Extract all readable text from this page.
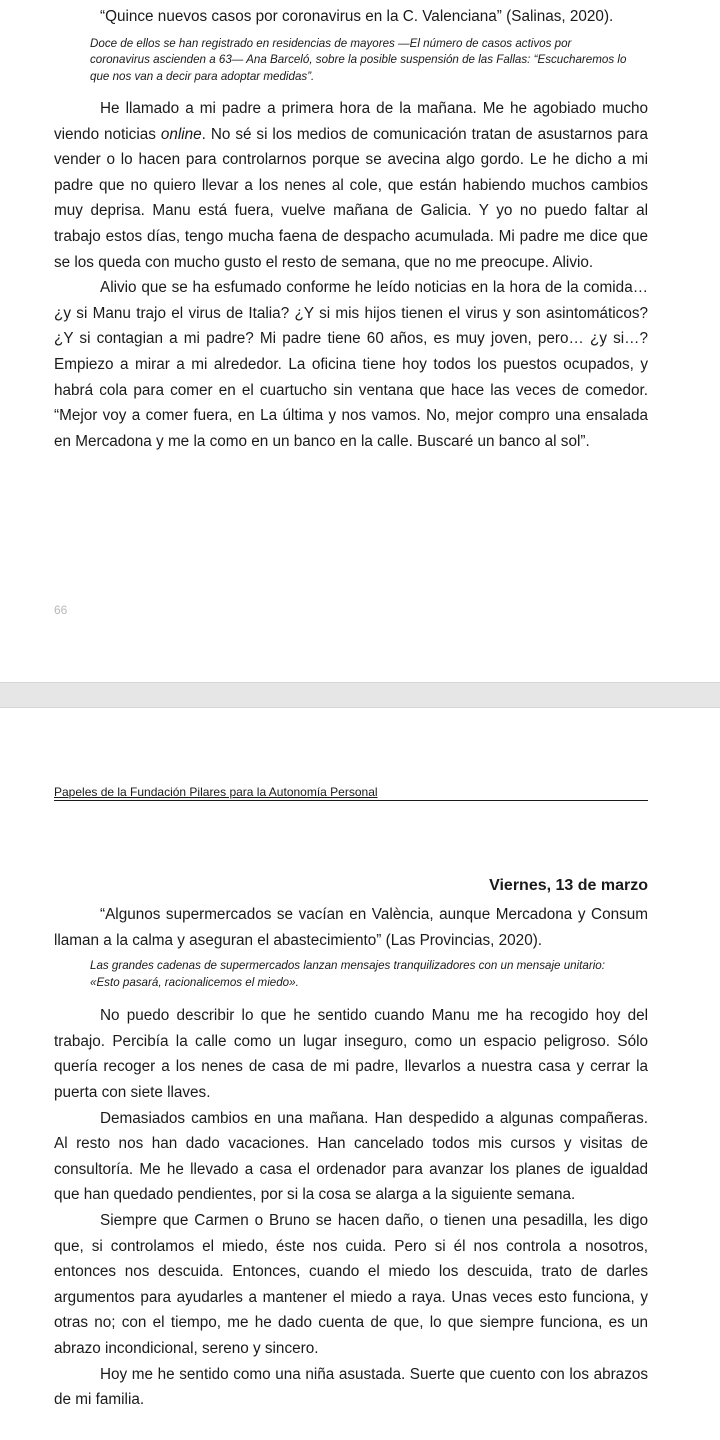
“Quince nuevos casos por coronavirus en la C. Valenciana” (Salinas, 2020).

Doce de ellos se han registrado en residencias de mayores —El número de casos activos por coronavirus ascienden a 63— Ana Barceló, sobre la posible suspensión de las Fallas: “Escucharemos lo que nos van a decir para adoptar medidas”.

He llamado a mi padre a primera hora de la mañana. Me he agobiado mucho viendo noticias online. No sé si los medios de comunicación tratan de asustarnos para vender o lo hacen para controlarnos porque se avecina algo gordo. Le he dicho a mi padre que no quiero llevar a los nenes al cole, que están habiendo muchos cambios muy deprisa. Manu está fuera, vuelve mañana de Galicia. Y yo no puedo faltar al trabajo estos días, tengo mucha faena de despacho acumulada. Mi padre me dice que se los queda con mucho gusto el resto de semana, que no me preocupe. Alivio.

Alivio que se ha esfumado conforme he leído noticias en la hora de la comida… ¿y si Manu trajo el virus de Italia? ¿Y si mis hijos tienen el virus y son asintomáticos? ¿Y si contagian a mi padre? Mi padre tiene 60 años, es muy joven, pero… ¿y si…? Empiezo a mirar a mi alrededor. La oficina tiene hoy todos los puestos ocupados, y habrá cola para comer en el cuartucho sin ventana que hace las veces de comedor. “Mejor voy a comer fuera, en La última y nos vamos. No, mejor compro una ensalada en Mercadona y me la como en un banco en la calle. Buscaré un banco al sol”.

66
Papeles de la Fundación Pilares para la Autonomía Personal

Viernes, 13 de marzo

“Algunos supermercados se vacían en València, aunque Mercadona y Consum llaman a la calma y aseguran el abastecimiento” (Las Provincias, 2020).

Las grandes cadenas de supermercados lanzan mensajes tranquilizadores con un mensaje unitario: «Esto pasará, racionalicemos el miedo».

No puedo describir lo que he sentido cuando Manu me ha recogido hoy del trabajo. Percibía la calle como un lugar inseguro, como un espacio peligroso. Sólo quería recoger a los nenes de casa de mi padre, llevarlos a nuestra casa y cerrar la puerta con siete llaves.

Demasiados cambios en una mañana. Han despedido a algunas compañeras. Al resto nos han dado vacaciones. Han cancelado todos mis cursos y visitas de consultoría. Me he llevado a casa el ordenador para avanzar los planes de igualdad que han quedado pendientes, por si la cosa se alarga a la siguiente semana.

Siempre que Carmen o Bruno se hacen daño, o tienen una pesadilla, les digo que, si controlamos el miedo, éste nos cuida. Pero si él nos controla a nosotros, entonces nos descuida. Entonces, cuando el miedo los descuida, trato de darles argumentos para ayudarles a mantener el miedo a raya. Unas veces esto funciona, y otras no; con el tiempo, me he dado cuenta de que, lo que siempre funciona, es un abrazo incondicional, sereno y sincero.

Hoy me he sentido como una niña asustada. Suerte que cuento con los abrazos de mi familia.
